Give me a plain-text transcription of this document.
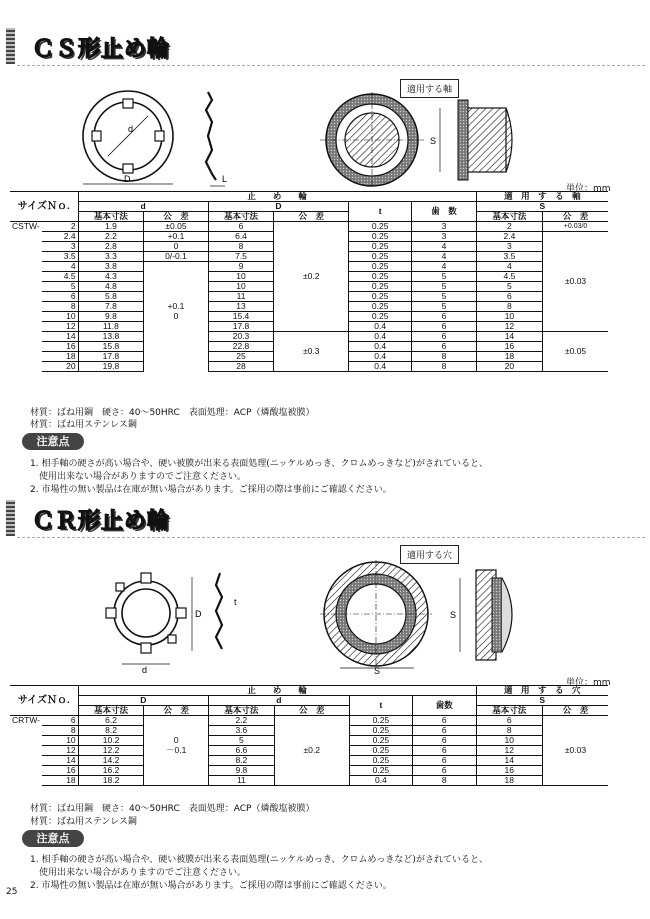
ＣＳ形止め輪
d
D	L
適用する軸
S
単位：mm
サイズＮｏ.		止　　め　　輪						適　用　す　る　軸	
		d		D		t	歯　数	S	
		基本寸法	公　差	基本寸法	公　差			基本寸法	公　差
CSTW-	2	1.9	±0.05	6	±0.2	0.25	3	2	+0.03/0
	2.4	2.2	+0.1	6.4		0.25	3	2.4	±0.03
	3	2.8	0	8		0.25	4	3	
	3.5	3.3	0/-0.1	7.5		0.25	4	3.5	
	4	3.8		9		0.25	4	4	
	4.5	4.3		10		0.25	5	4.5	
	5	4.8		10		0.25	5	5	
	6	5.8		11		0.25	5	6	
	8	7.8	+0.1	13		0.25	5	8	
	10	9.8	0	15.4		0.25	6	10	
	12	11.8		17.8		0.4	6	12	
	14	13.8		20.3	±0.3	0.4	6	14	±0.05
	16	15.8		22.8		0.4	6	16	
	18	17.8		25		0.4	8	18	
	20	19.8		28		0.4	8	20	
材質：ばね用鋼　硬さ：40～50HRC　表面処理：ACP（燐酸塩被膜）
材質：ばね用ステンレス鋼
注意点
1. 相手軸の硬さが高い場合や、硬い被膜が出来る表面処理(ニッケルめっき、クロムめっきなど)がされていると、
　使用出来ない場合がありますのでご注意ください。
2. 市場性の無い製品は在庫が無い場合があります。ご採用の際は事前にご確認ください。
ＣＲ形止め輪
d
D
t
適用する穴
S
S
単位：mm
サイズＮｏ.		止　　め　　輪						適　用　す　る　穴	
		D		d		t	歯数	S	
		基本寸法	公　差	基本寸法	公　差			基本寸法	公　差
CRTW-	6	6.2		2.2	±0.2	0.25	6	6	±0.03
	8	8.2		3.6		0.25	6	8	
	10	10.2	0	5		0.25	6	10	
	12	12.2	－0.1	6.6		0.25	6	12	
	14	14.2		8.2		0.25	6	14	
	16	16.2		9.8		0.25	6	16	
	18	18.2		11		0.4	8	18	
材質：ばね用鋼　硬さ：40～50HRC　表面処理：ACP（燐酸塩被膜）
材質：ばね用ステンレス鋼
注意点
1. 相手軸の硬さが高い場合や、硬い被膜が出来る表面処理(ニッケルめっき、クロムめっきなど)がされていると、
　使用出来ない場合がありますのでご注意ください。
2. 市場性の無い製品は在庫が無い場合があります。ご採用の際は事前にご確認ください。
25
